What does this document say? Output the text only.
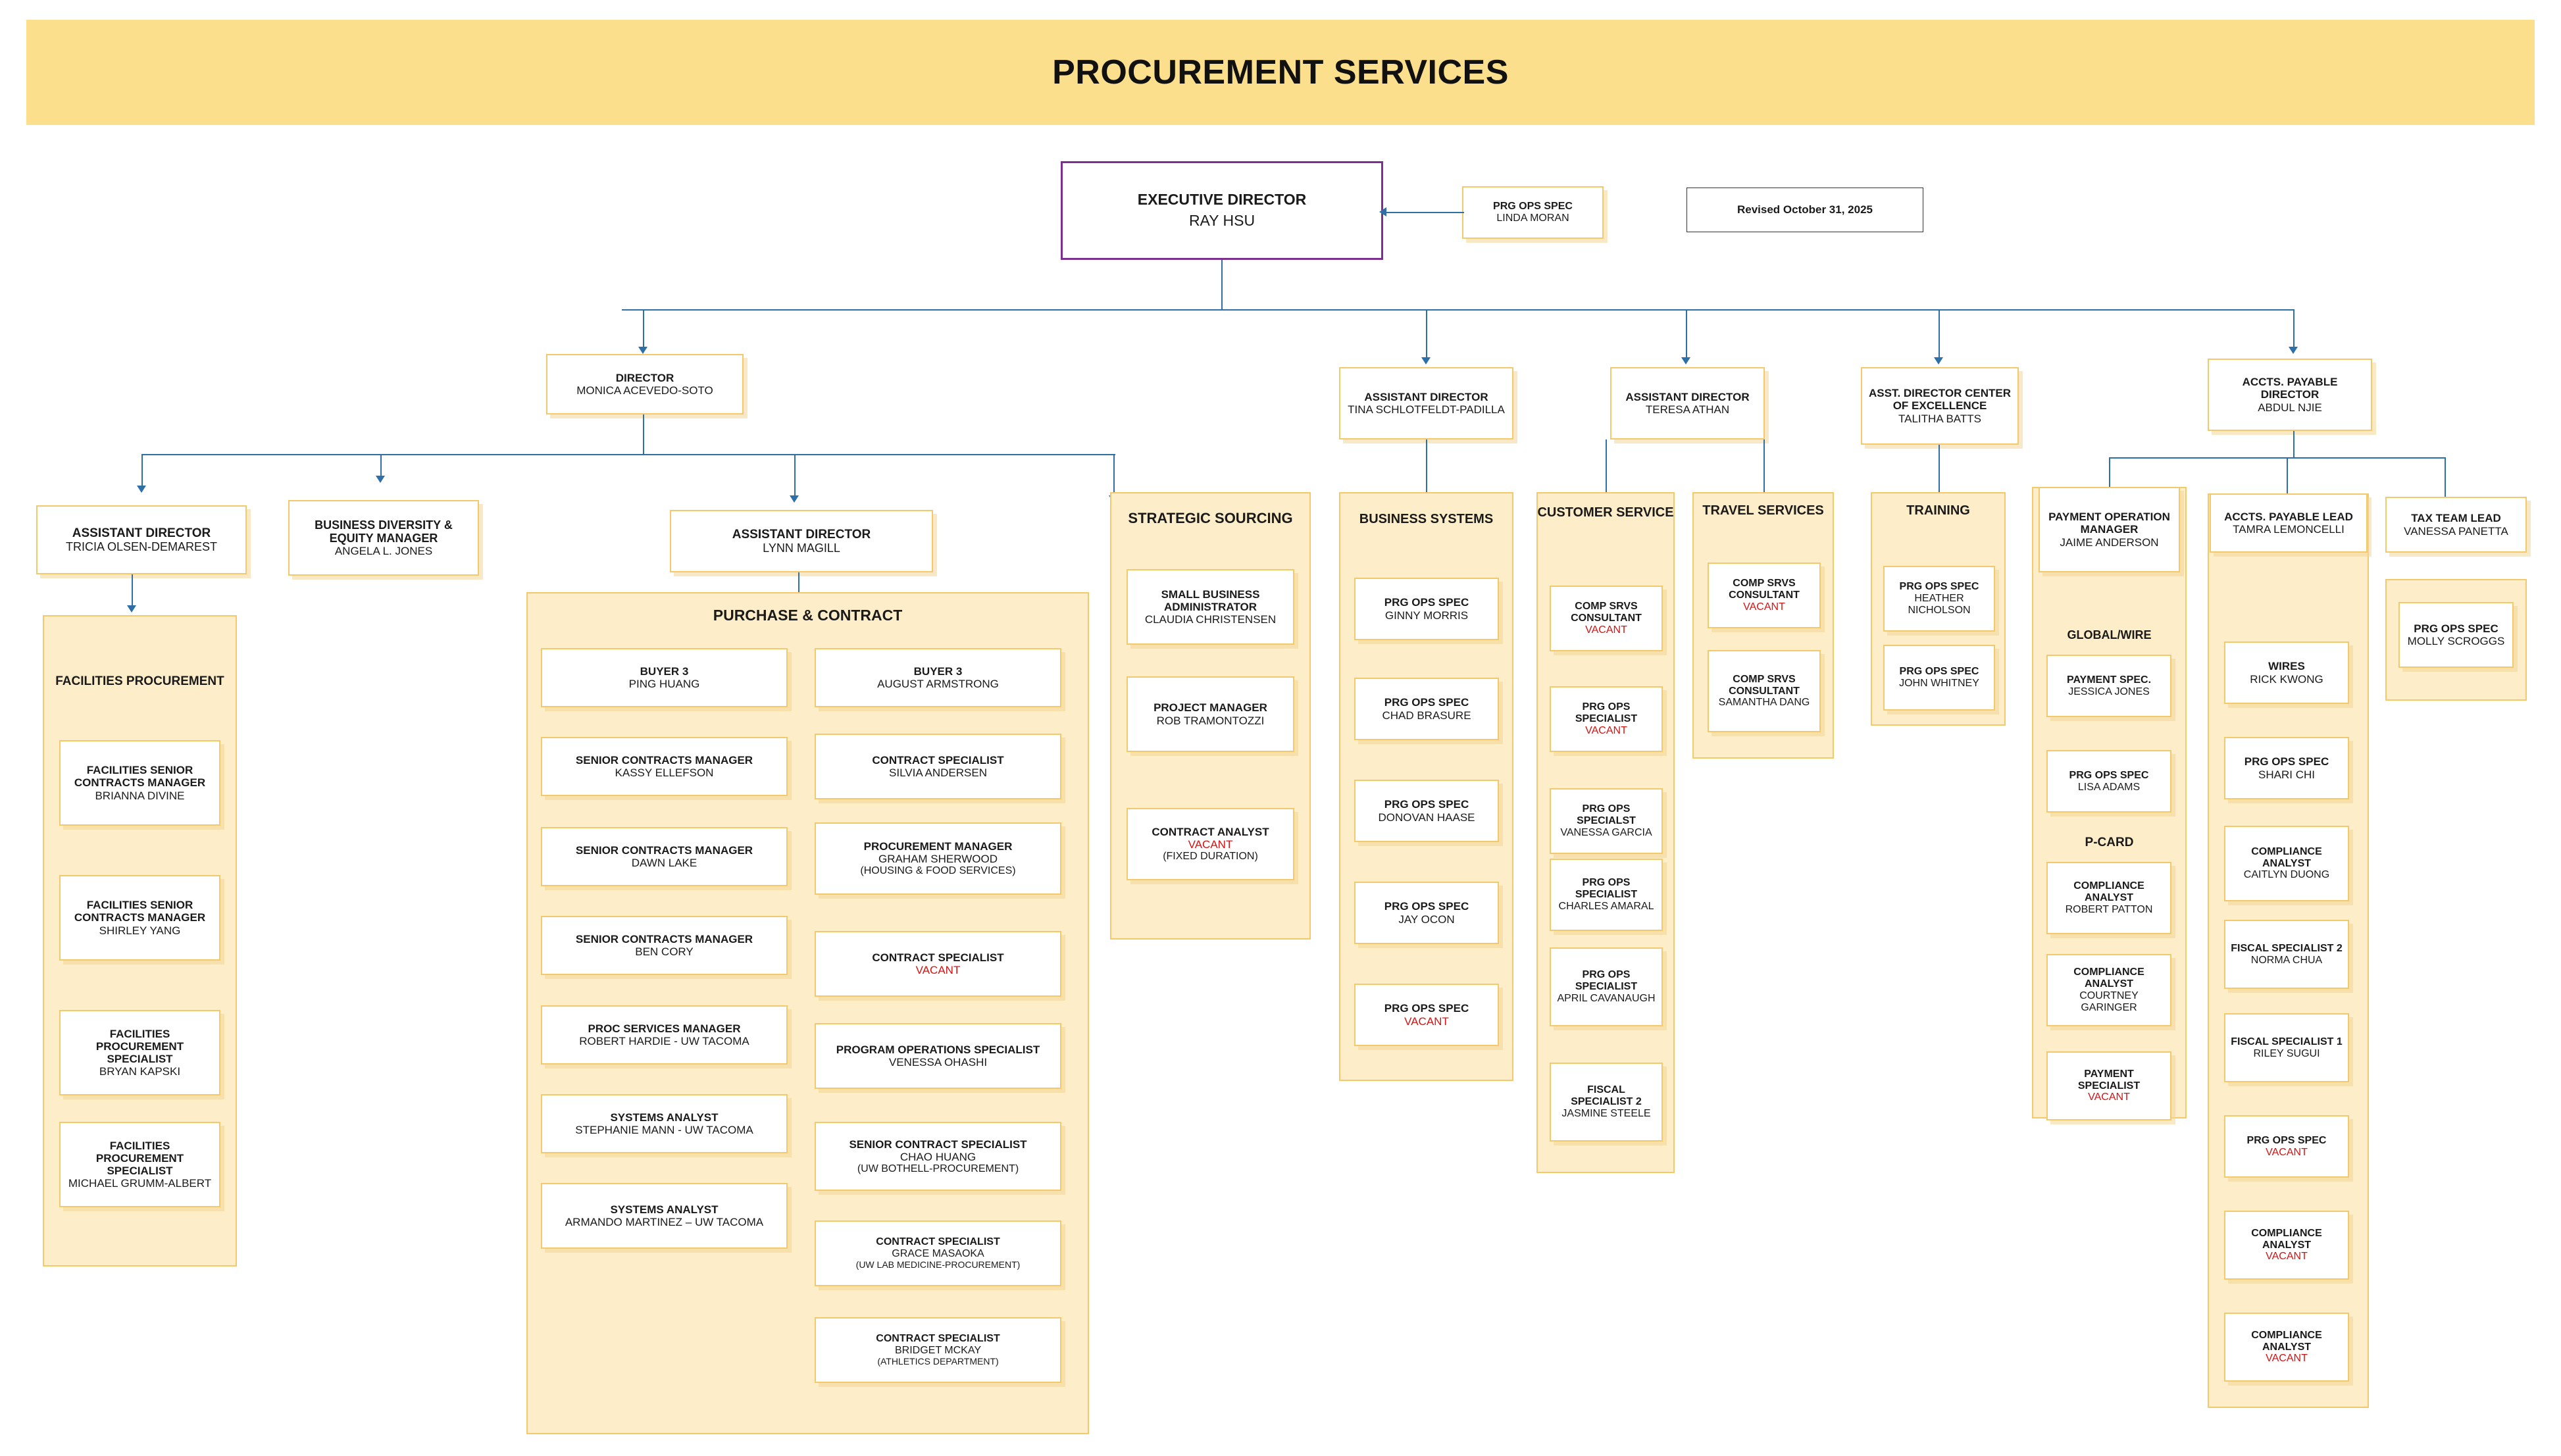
PROCUREMENT SERVICES
EXECUTIVE DIRECTOR
RAY HSU
PRG OPS SPEC
LINDA MORAN
Revised October 31, 2025
DIRECTOR
MONICA ACEVEDO-SOTO
ASSISTANT DIRECTOR
TINA SCHLOTFELDT-PADILLA
ASSISTANT DIRECTOR
TERESA ATHAN
ASST. DIRECTOR CENTER OF EXCELLENCE
TALITHA BATTS
ACCTS. PAYABLE DIRECTOR
ABDUL NJIE
ASSISTANT DIRECTOR
TRICIA OLSEN-DEMAREST
BUSINESS DIVERSITY & EQUITY MANAGER
ANGELA L. JONES
ASSISTANT DIRECTOR
LYNN MAGILL
FACILITIES PROCUREMENT
FACILITIES SENIOR CONTRACTS MANAGER
BRIANNA DIVINE
FACILITIES SENIOR CONTRACTS MANAGER
SHIRLEY YANG
FACILITIES PROCUREMENT SPECIALIST
BRYAN KAPSKI
FACILITIES PROCUREMENT SPECIALIST
MICHAEL GRUMM-ALBERT
PURCHASE & CONTRACT
BUYER 3
PING HUANG
SENIOR CONTRACTS MANAGER
KASSY ELLEFSON
SENIOR CONTRACTS MANAGER
DAWN LAKE
SENIOR CONTRACTS MANAGER
BEN CORY
PROC SERVICES MANAGER
ROBERT HARDIE - UW TACOMA
SYSTEMS ANALYST
STEPHANIE MANN - UW TACOMA
SYSTEMS ANALYST
ARMANDO MARTINEZ – UW TACOMA
BUYER 3
AUGUST ARMSTRONG
CONTRACT SPECIALIST
SILVIA ANDERSEN
PROCUREMENT MANAGER
GRAHAM SHERWOOD
(HOUSING & FOOD SERVICES)
CONTRACT SPECIALIST
VACANT
PROGRAM OPERATIONS SPECIALIST
VENESSA OHASHI
SENIOR CONTRACT SPECIALIST
CHAO HUANG
(UW BOTHELL-PROCUREMENT)
CONTRACT SPECIALIST
GRACE MASAOKA
(UW LAB MEDICINE-PROCUREMENT)
CONTRACT SPECIALIST
BRIDGET MCKAY
(ATHLETICS DEPARTMENT)
STRATEGIC SOURCING
SMALL BUSINESS ADMINISTRATOR
CLAUDIA CHRISTENSEN
PROJECT MANAGER
ROB TRAMONTOZZI
CONTRACT ANALYST
VACANT
(FIXED DURATION)
BUSINESS SYSTEMS
PRG OPS SPEC
GINNY MORRIS
PRG OPS SPEC
CHAD BRASURE
PRG OPS SPEC
DONOVAN HAASE
PRG OPS SPEC
JAY OCON
PRG OPS SPEC
VACANT
CUSTOMER SERVICE
COMP SRVS CONSULTANT
VACANT
PRG OPS SPECIALIST
VACANT
PRG OPS SPECIALST
VANESSA GARCIA
PRG OPS SPECIALIST
CHARLES AMARAL
PRG OPS SPECIALIST
APRIL CAVANAUGH
FISCAL SPECIALIST 2
JASMINE STEELE
TRAVEL SERVICES
COMP SRVS CONSULTANT
VACANT
COMP SRVS CONSULTANT
SAMANTHA DANG
TRAINING
PRG OPS SPEC
HEATHER NICHOLSON
PRG OPS SPEC
JOHN WHITNEY
PAYMENT OPERATION MANAGER
JAIME ANDERSON
GLOBAL/WIRE
PAYMENT SPEC.
JESSICA JONES
PRG OPS SPEC
LISA ADAMS
P-CARD
COMPLIANCE ANALYST
ROBERT PATTON
COMPLIANCE ANALYST
COURTNEY GARINGER
PAYMENT SPECIALIST
VACANT
ACCTS. PAYABLE LEAD
TAMRA LEMONCELLI
WIRES
RICK KWONG
PRG OPS SPEC
SHARI CHI
COMPLIANCE ANALYST
CAITLYN DUONG
FISCAL SPECIALIST 2
NORMA CHUA
FISCAL SPECIALIST 1
RILEY SUGUI
PRG OPS SPEC
VACANT
COMPLIANCE ANALYST
VACANT
COMPLIANCE ANALYST
VACANT
TAX TEAM LEAD
VANESSA PANETTA
PRG OPS SPEC
MOLLY SCROGGS
